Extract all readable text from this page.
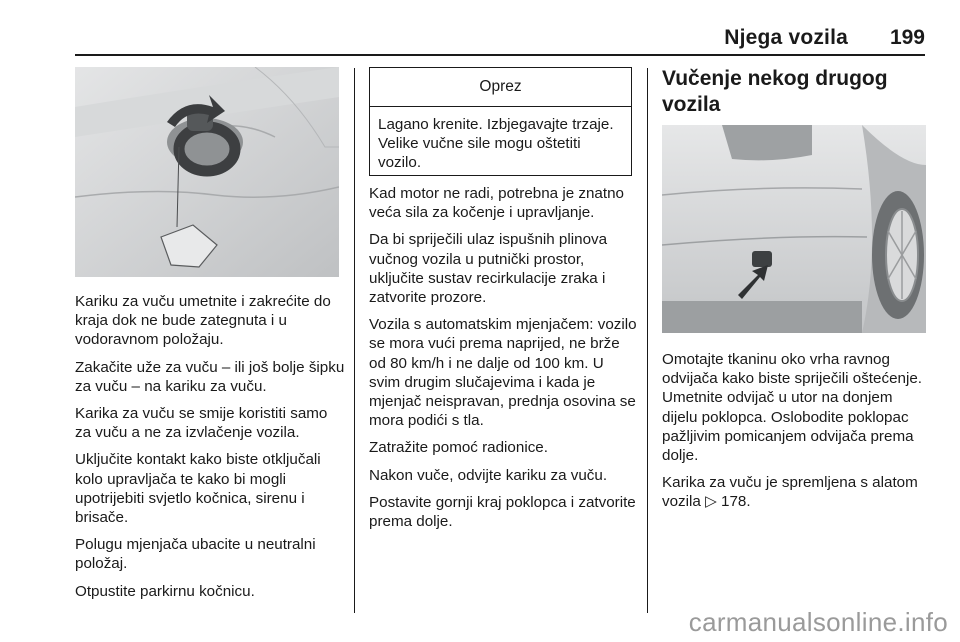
Njega vozila 199

Kariku za vuču umetnite i zakrećite do kraja dok ne bude zategnuta i u vodoravnom položaju.

Zakačite uže za vuču – ili još bolje šipku za vuču – na kariku za vuču.

Karika za vuču se smije koristiti samo za vuču a ne za izvlačenje vozila.

Uključite kontakt kako biste otključali kolo upravljača te kako bi mogli upotrijebiti svjetlo kočnica, sirenu i brisače.

Polugu mjenjača ubacite u neutralni položaj.

Otpustite parkirnu kočnicu.

Oprez
Lagano krenite. Izbjegavajte trzaje. Velike vučne sile mogu oštetiti vozilo.

Kad motor ne radi, potrebna je znatno veća sila za kočenje i upravljanje.

Da bi spriječili ulaz ispušnih plinova vučnog vozila u putnički prostor, uključite sustav recirkulacije zraka i zatvorite prozore.

Vozila s automatskim mjenjačem: vozilo se mora vući prema naprijed, ne brže od 80 km/h i ne dalje od 100 km. U svim drugim slučajevima i kada je mjenjač neispravan, prednja osovina se mora podići s tla.

Zatražite pomoć radionice.

Nakon vuče, odvijte kariku za vuču.

Postavite gornji kraj poklopca i zatvorite prema dolje.

Vučenje nekog drugog vozila

Omotajte tkaninu oko vrha ravnog odvijača kako biste spriječili oštećenje. Umetnite odvijač u utor na donjem dijelu poklopca. Oslobodite poklopac pažljivim pomicanjem odvijača prema dolje.

Karika za vuču je spremljena s alatom vozila ▷ 178.

carmanualsonline.info
